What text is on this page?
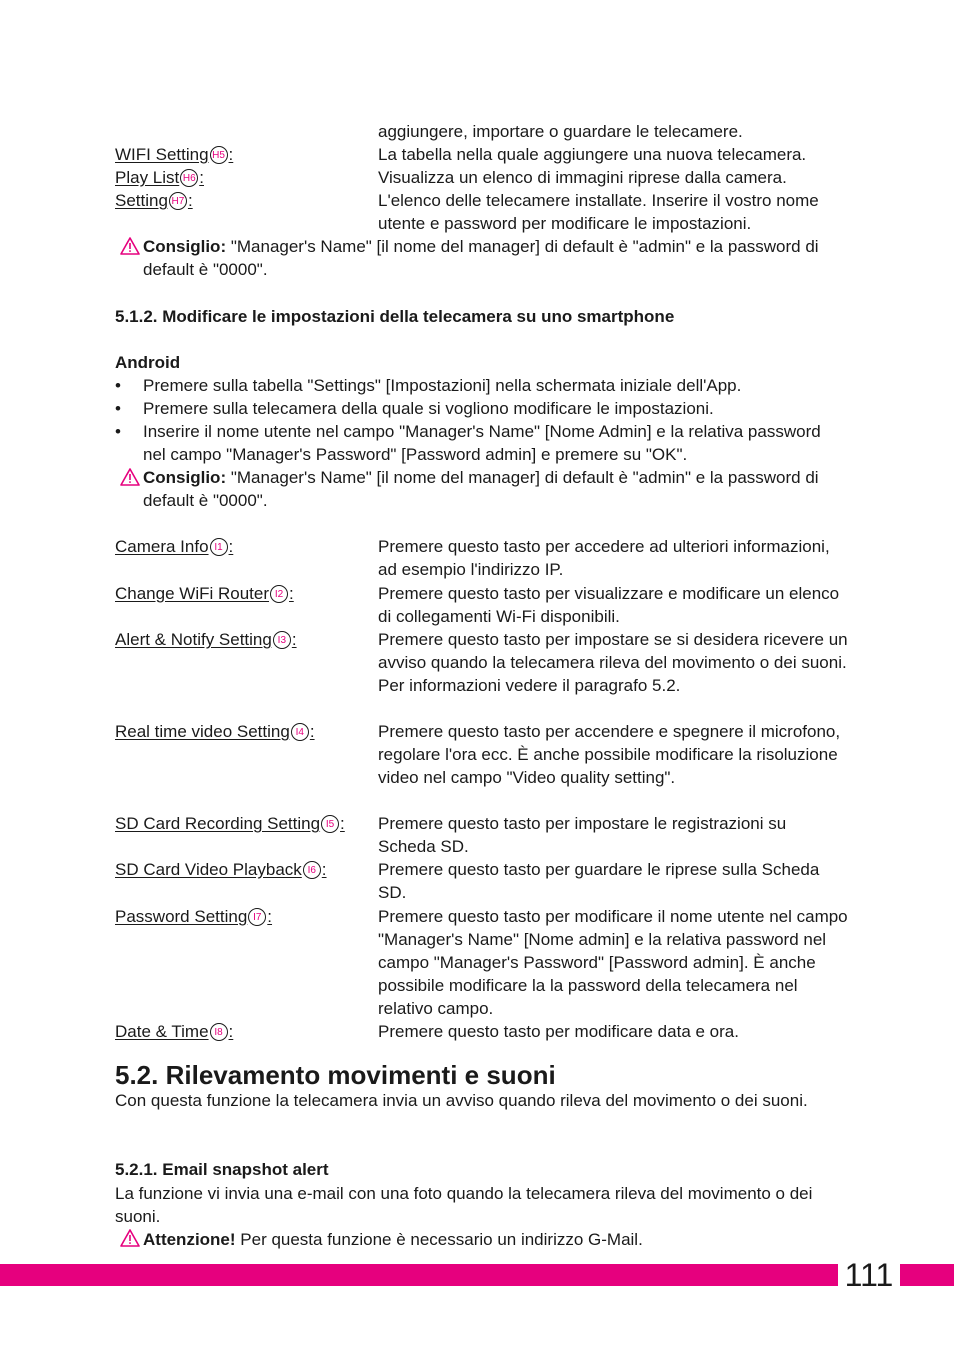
aggiungere, importare o guardare le telecamere.
WIFI Setting H5 :	La tabella nella quale aggiungere una nuova telecamera.
Play List H6 :	Visualizza un elenco di immagini riprese dalla camera.
Setting H7 :	L'elenco delle telecamere installate. Inserire il vostro nome utente e password per modificare le impostazioni.
Consiglio: "Manager's Name" [il nome del manager] di default è "admin" e la password di default è "0000".
5.1.2. Modificare le impostazioni della telecamera su uno smartphone
Android
• Premere sulla tabella "Settings" [Impostazioni] nella schermata iniziale dell'App.
• Premere sulla telecamera della quale si vogliono modificare le impostazioni.
• Inserire il nome utente nel campo "Manager's Name" [Nome Admin] e la relativa password nel campo "Manager's Password" [Password admin] e premere su "OK".
Consiglio: "Manager's Name" [il nome del manager] di default è "admin" e la password di default è "0000".
Camera Info I1 :	Premere questo tasto per accedere ad ulteriori informazioni, ad esempio l'indirizzo IP.
Change WiFi Router I2 :	Premere questo tasto per visualizzare e modificare un elenco di collegamenti Wi-Fi disponibili.
Alert & Notify Setting I3 :	Premere questo tasto per impostare se si desidera ricevere un avviso quando la telecamera rileva del movimento o dei suoni. Per informazioni vedere il paragrafo 5.2.
Real time video Setting I4 :	Premere questo tasto per accendere e spegnere il microfono, regolare l'ora ecc. È anche possibile modificare la risoluzione video nel campo "Video quality setting".
SD Card Recording Setting I5 : Premere questo tasto per impostare le registrazioni su Scheda SD.
SD Card Video Playback I6 :	Premere questo tasto per guardare le riprese sulla Scheda SD.
Password Setting I7 :	Premere questo tasto per modificare il nome utente nel campo "Manager's Name" [Nome admin] e la relativa password nel campo "Manager's Password" [Password admin]. È anche possibile modificare la la password della telecamera nel relativo campo.
Date & Time I8 :	Premere questo tasto per modificare data e ora.
5.2. Rilevamento movimenti e suoni
Con questa funzione la telecamera invia un avviso quando rileva del movimento o dei suoni.
5.2.1. Email snapshot alert
La funzione vi invia una e-mail con una foto quando la telecamera rileva del movimento o dei suoni.
Attenzione! Per questa funzione è necessario un indirizzo G-Mail.
111
